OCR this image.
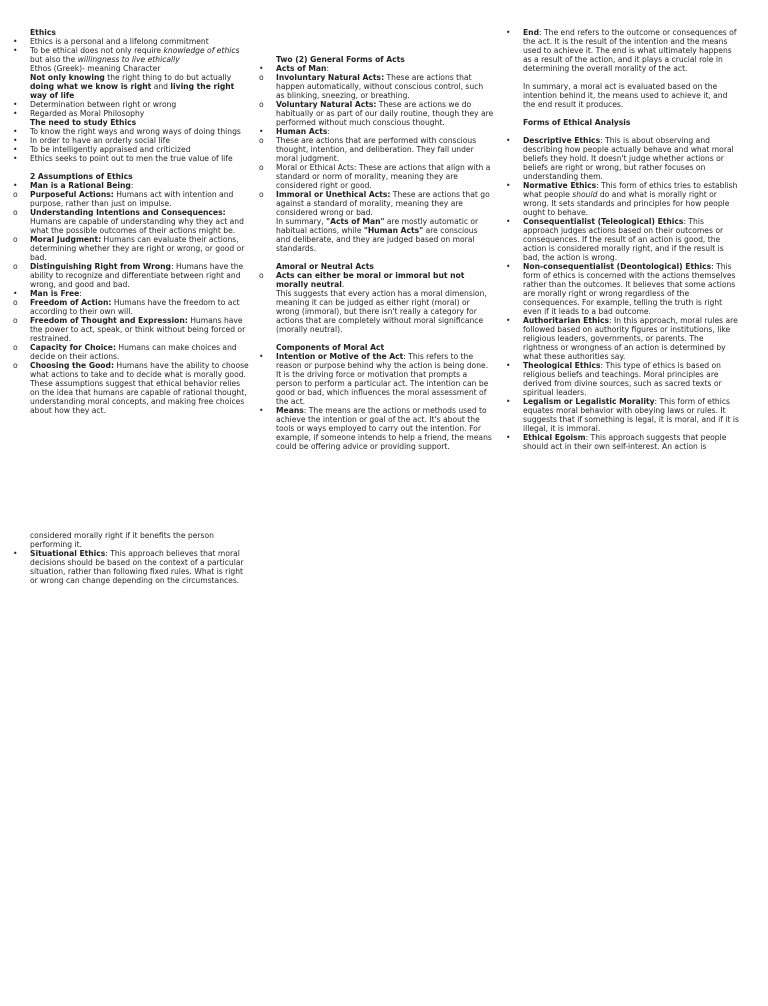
Ethics
•	Ethics is a personal and a lifelong commitment
•	To be ethical does not only require knowledge of ethics but also the willingness to live ethically
Ethos (Greek)- meaning Character
Not only knowing the right thing to do but actually doing what we know is right and living the right way of life
•	Determination between right or wrong
•	Regarded as Moral Philosophy
The need to study Ethics
•	To know the right ways and wrong ways of doing things
•	In order to have an orderly social life
•	To be intelligently appraised and criticized
•	Ethics seeks to point out to men the true value of life
2 Assumptions of Ethics
•	Man is a Rational Being:
o	Purposeful Actions: Humans act with intention and purpose, rather than just on impulse.
o	Understanding Intentions and Consequences: Humans are capable of understanding why they act and what the possible outcomes of their actions might be.
o	Moral Judgment: Humans can evaluate their actions, determining whether they are right or wrong, or good or bad.
o	Distinguishing Right from Wrong: Humans have the ability to recognize and differentiate between right and wrong, and good and bad.
•	Man is Free:
o	Freedom of Action: Humans have the freedom to act according to their own will.
o	Freedom of Thought and Expression: Humans have the power to act, speak, or think without being forced or restrained.
o	Capacity for Choice: Humans can make choices and decide on their actions.
o	Choosing the Good: Humans have the ability to choose what actions to take and to decide what is morally good.
These assumptions suggest that ethical behavior relies on the idea that humans are capable of rational thought, understanding moral concepts, and making free choices about how they act.
Two (2) General Forms of Acts
•	Acts of Man:
o	Involuntary Natural Acts: These are actions that happen automatically, without conscious control, such as blinking, sneezing, or breathing.
o	Voluntary Natural Acts: These are actions we do habitually or as part of our daily routine, though they are performed without much conscious thought.
•	Human Acts:
o	These are actions that are performed with conscious thought, intention, and deliberation. They fall under moral judgment.
o	Moral or Ethical Acts: These are actions that align with a standard or norm of morality, meaning they are considered right or good.
o	Immoral or Unethical Acts: These are actions that go against a standard of morality, meaning they are considered wrong or bad.
In summary, "Acts of Man" are mostly automatic or habitual actions, while "Human Acts" are conscious and deliberate, and they are judged based on moral standards.
Amoral or Neutral Acts
o	Acts can either be moral or immoral but not morally neutral.
This suggests that every action has a moral dimension, meaning it can be judged as either right (moral) or wrong (immoral), but there isn't really a category for actions that are completely without moral significance (morally neutral).
Components of Moral Act
•	Intention or Motive of the Act: This refers to the reason or purpose behind why the action is being done. It is the driving force or motivation that prompts a person to perform a particular act. The intention can be good or bad, which influences the moral assessment of the act.
•	Means: The means are the actions or methods used to achieve the intention or goal of the act. It's about the tools or ways employed to carry out the intention. For example, if someone intends to help a friend, the means could be offering advice or providing support.
•	End: The end refers to the outcome or consequences of the act. It is the result of the intention and the means used to achieve it. The end is what ultimately happens as a result of the action, and it plays a crucial role in determining the overall morality of the act.
In summary, a moral act is evaluated based on the intention behind it, the means used to achieve it, and the end result it produces.
Forms of Ethical Analysis
•	Descriptive Ethics: This is about observing and describing how people actually behave and what moral beliefs they hold. It doesn't judge whether actions or beliefs are right or wrong, but rather focuses on understanding them.
•	Normative Ethics: This form of ethics tries to establish what people should do and what is morally right or wrong. It sets standards and principles for how people ought to behave.
•	Consequentialist (Teleological) Ethics: This approach judges actions based on their outcomes or consequences. If the result of an action is good, the action is considered morally right, and if the result is bad, the action is wrong.
•	Non-consequentialist (Deontological) Ethics: This form of ethics is concerned with the actions themselves rather than the outcomes. It believes that some actions are morally right or wrong regardless of the consequences. For example, telling the truth is right even if it leads to a bad outcome.
•	Authoritarian Ethics: In this approach, moral rules are followed based on authority figures or institutions, like religious leaders, governments, or parents. The rightness or wrongness of an action is determined by what these authorities say.
•	Theological Ethics: This type of ethics is based on religious beliefs and teachings. Moral principles are derived from divine sources, such as sacred texts or spiritual leaders.
•	Legalism or Legalistic Morality: This form of ethics equates moral behavior with obeying laws or rules. It suggests that if something is legal, it is moral, and if it is illegal, it is immoral.
•	Ethical Egoism: This approach suggests that people should act in their own self-interest. An action is
considered morally right if it benefits the person performing it.
•	Situational Ethics: This approach believes that moral decisions should be based on the context of a particular situation, rather than following fixed rules. What is right or wrong can change depending on the circumstances.
